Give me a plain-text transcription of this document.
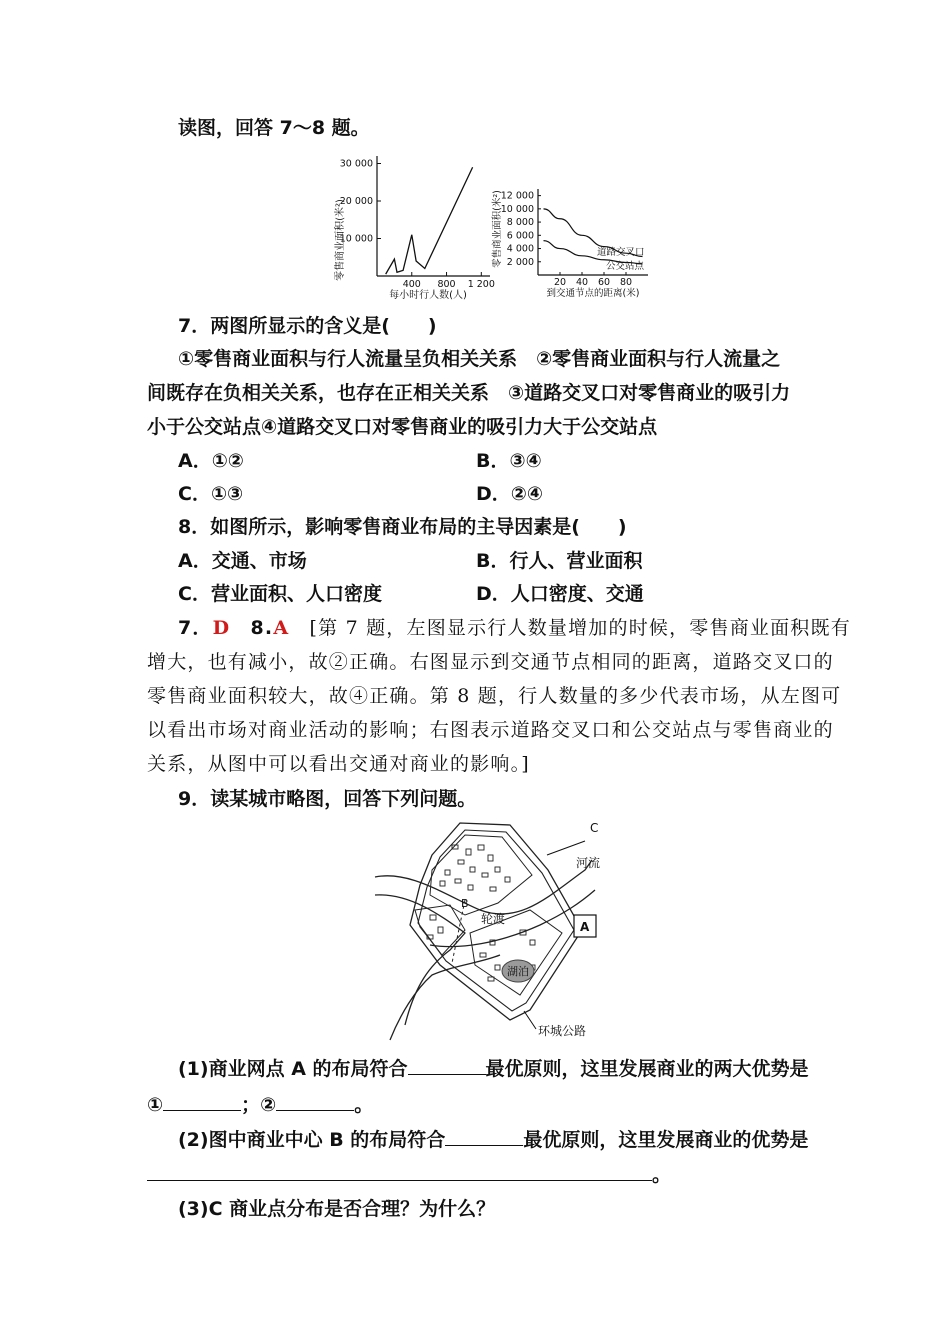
读图，回答 7～8 题。
零售商业面积(米²)
10 000
20 000
30 000
400 800 1 200
每小时行人数(人)
零售商业面积(米²) 2 000
4 000
6 000
8 000
10 000
12 000
20 40 60 80
道路交叉口
公交站点
到交通节点的距离(米)
7．两图所显示的含义是(　　)
①零售商业面积与行人流量呈负相关关系　②零售商业面积与行人流量之
间既存在负相关关系，也存在正相关关系　③道路交叉口对零售商业的吸引力
小于公交站点④道路交叉口对零售商业的吸引力大于公交站点
A．①②	B．③④
C．①③	D．②④
8．如图所示，影响零售商业布局的主导因素是(　　)
A．交通、市场	B．行人、营业面积
C．营业面积、人口密度	D．人口密度、交通
7．D　8.A　[第 7 题，左图显示行人数量增加的时候，零售商业面积既有
增大，也有减小，故②正确。右图显示到交通节点相同的距离，道路交叉口的
零售商业面积较大，故④正确。第 8 题，行人数量的多少代表市场，从左图可
以看出市场对商业活动的影响；右图表示道路交叉口和公交站点与零售商业的
关系，从图中可以看出交通对商业的影响。]
9．读某城市略图，回答下列问题。
C
河流
B
轮渡
A
湖泊
环城公路
(1)商业网点 A 的布局符合	最优原则，这里发展商业的两大优势是
①	；②	。
(2)图中商业中心 B 的布局符合	最优原则，这里发展商业的优势是
。
(3)C 商业点分布是否合理？为什么？
